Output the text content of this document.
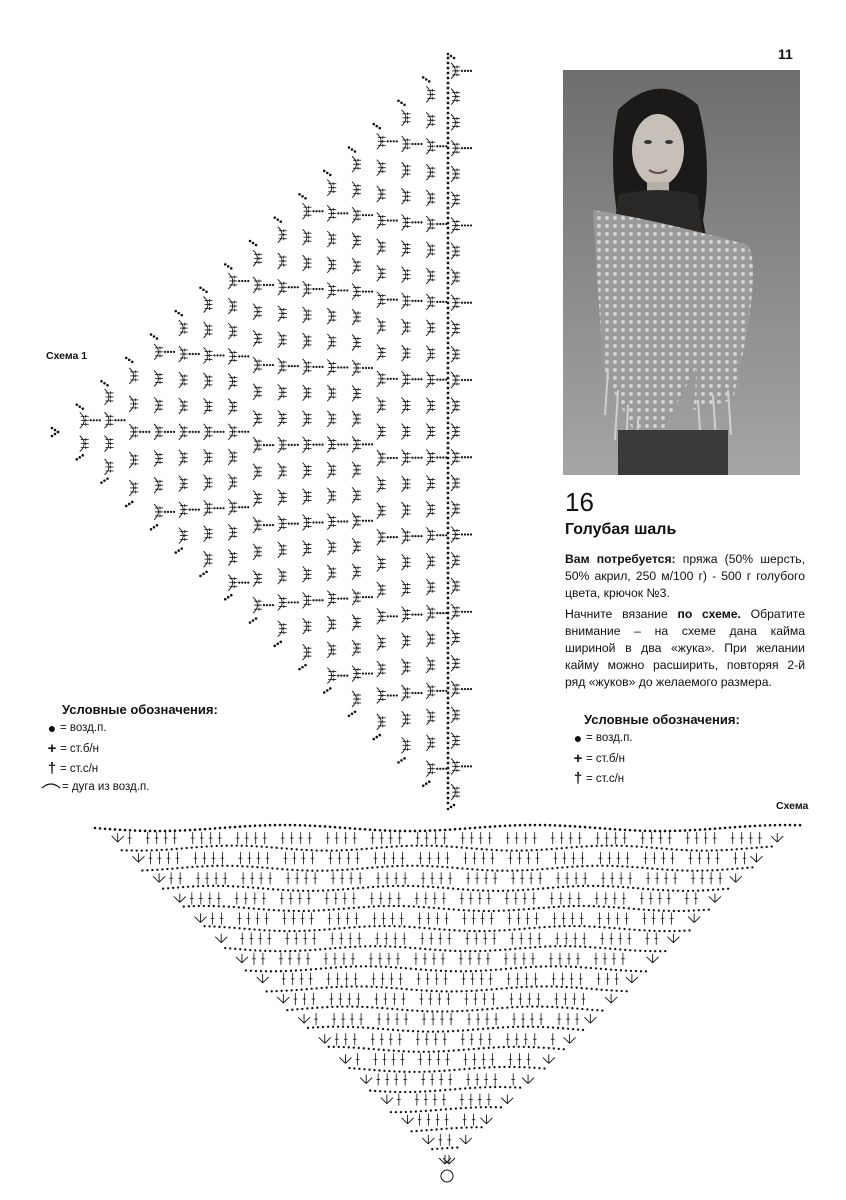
11
16
Голубая шаль

Вам потребуется: пряжа (50% шерсть, 50% акрил, 250 м/100 г) - 500 г голубого цвета, крючок №3.

Начните вязание по схеме. Обратите внимание – на схеме дана кайма шириной в два «жука». При желании кайму можно расширить, повторяя 2-й ряд «жуков» до желаемого размера.

Условные обозначения:
● = возд.п.
+ = ст.б/н
† = ст.с/н
Условные обозначения:
● = возд.п.
+ = ст.б/н
† = ст.с/н
= дуга из возд.п.
Схема 1
Схема
